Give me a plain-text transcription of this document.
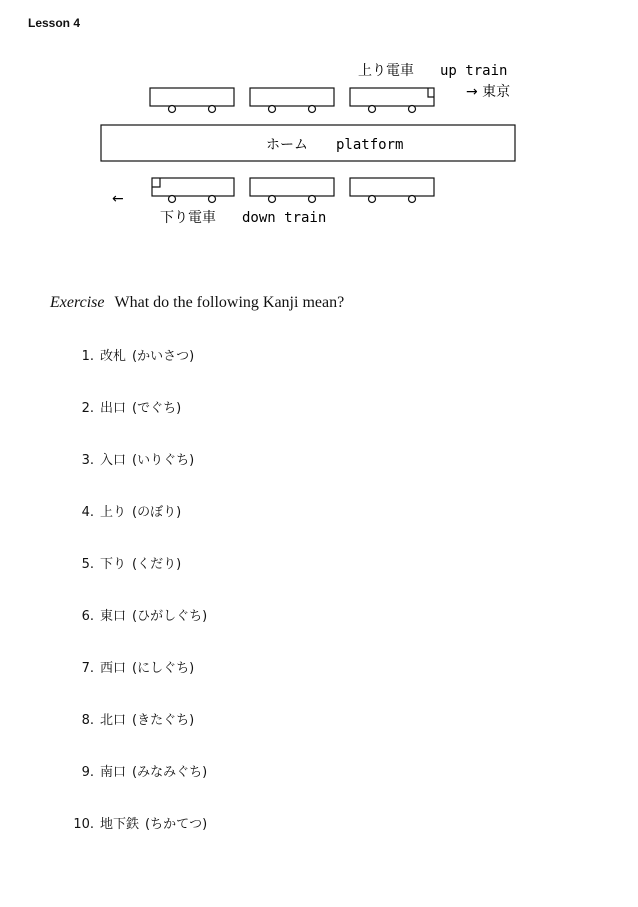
Lesson 4
上り電車 up train
→ 東京
ホーム platform
←
下り電車 down train
Exercise What do the following Kanji mean?
1. 改札 (かいさつ)
2. 出口 (でぐち)
3. 入口 (いりぐち)
4. 上り (のぼり)
5. 下り (くだり)
6. 東口 (ひがしぐち)
7. 西口 (にしぐち)
8. 北口 (きたぐち)
9. 南口 (みなみぐち)
10. 地下鉄 (ちかてつ)
